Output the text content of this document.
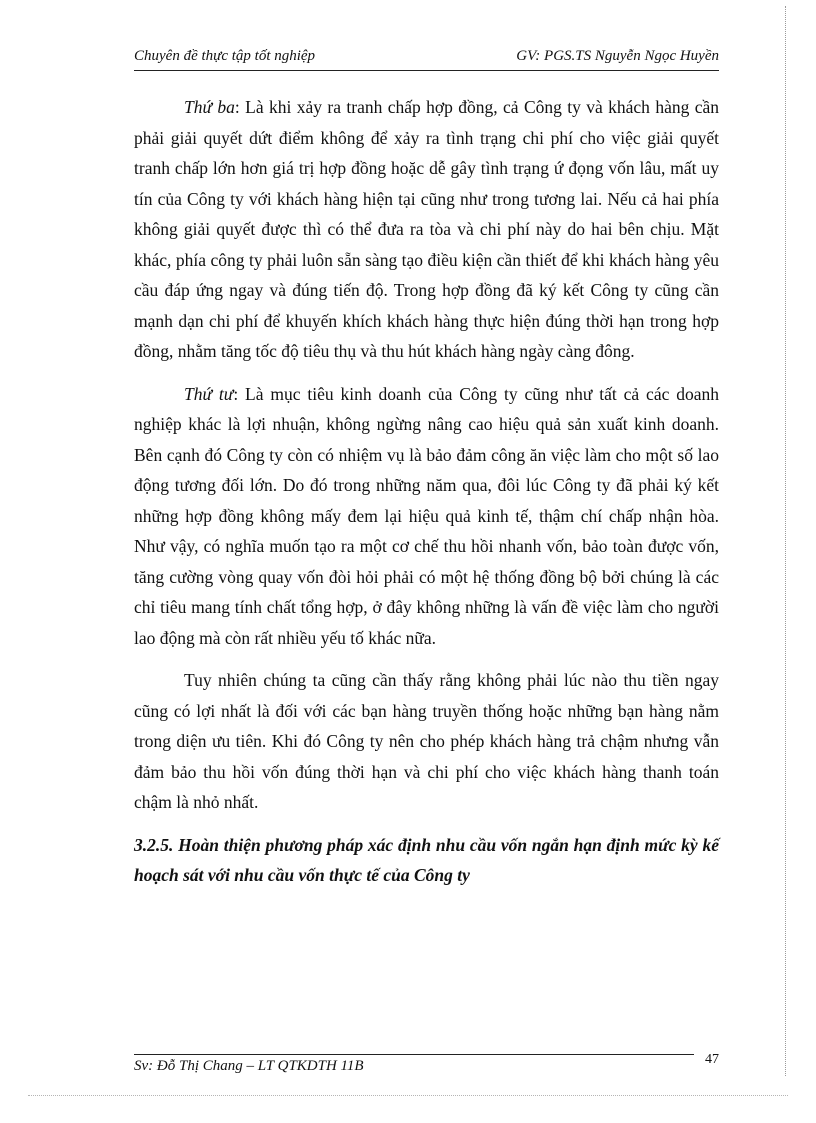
Chuyên đề thực tập tốt nghiệp	GV: PGS.TS Nguyễn Ngọc Huyền

Thứ ba: Là khi xảy ra tranh chấp hợp đồng, cả Công ty và khách hàng cần phải giải quyết dứt điểm không để xảy ra tình trạng chi phí cho việc giải quyết tranh chấp lớn hơn giá trị hợp đồng hoặc dễ gây tình trạng ứ đọng vốn lâu, mất uy tín của Công ty với khách hàng hiện tại cũng như trong tương lai. Nếu cả hai phía không giải quyết được thì có thể đưa ra tòa và chi phí này do hai bên chịu. Mặt khác, phía công ty phải luôn sẵn sàng tạo điều kiện cần thiết để khi khách hàng yêu cầu đáp ứng ngay và đúng tiến độ. Trong hợp đồng đã ký kết Công ty cũng cần mạnh dạn chi phí để khuyến khích khách hàng thực hiện đúng thời hạn trong hợp đồng, nhằm tăng tốc độ tiêu thụ và thu hút khách hàng ngày càng đông.

Thứ tư: Là mục tiêu kinh doanh của Công ty cũng như tất cả các doanh nghiệp khác là lợi nhuận, không ngừng nâng cao hiệu quả sản xuất kinh doanh. Bên cạnh đó Công ty còn có nhiệm vụ là bảo đảm công ăn việc làm cho một số lao động tương đối lớn. Do đó trong những năm qua, đôi lúc Công ty đã phải ký kết những hợp đồng không mấy đem lại hiệu quả kinh tế, thậm chí chấp nhận hòa. Như vậy, có nghĩa muốn tạo ra một cơ chế thu hồi nhanh vốn, bảo toàn được vốn, tăng cường vòng quay vốn đòi hỏi phải có một hệ thống đồng bộ bởi chúng là các chỉ tiêu mang tính chất tổng hợp, ở đây không những là vấn đề việc làm cho người lao động mà còn rất nhiều yếu tố khác nữa.

Tuy nhiên chúng ta cũng cần thấy rằng không phải lúc nào thu tiền ngay cũng có lợi nhất là đối với các bạn hàng truyền thống hoặc những bạn hàng nằm trong diện ưu tiên. Khi đó Công ty nên cho phép khách hàng trả chậm nhưng vẫn đảm bảo thu hồi vốn đúng thời hạn và chi phí cho việc khách hàng thanh toán chậm là nhỏ nhất.

3.2.5. Hoàn thiện phương pháp xác định nhu cầu vốn ngắn hạn định mức kỳ kế hoạch sát với nhu cầu vốn thực tế của Công ty

Sv: Đỗ Thị Chang – LT QTKDTH 11B	47
